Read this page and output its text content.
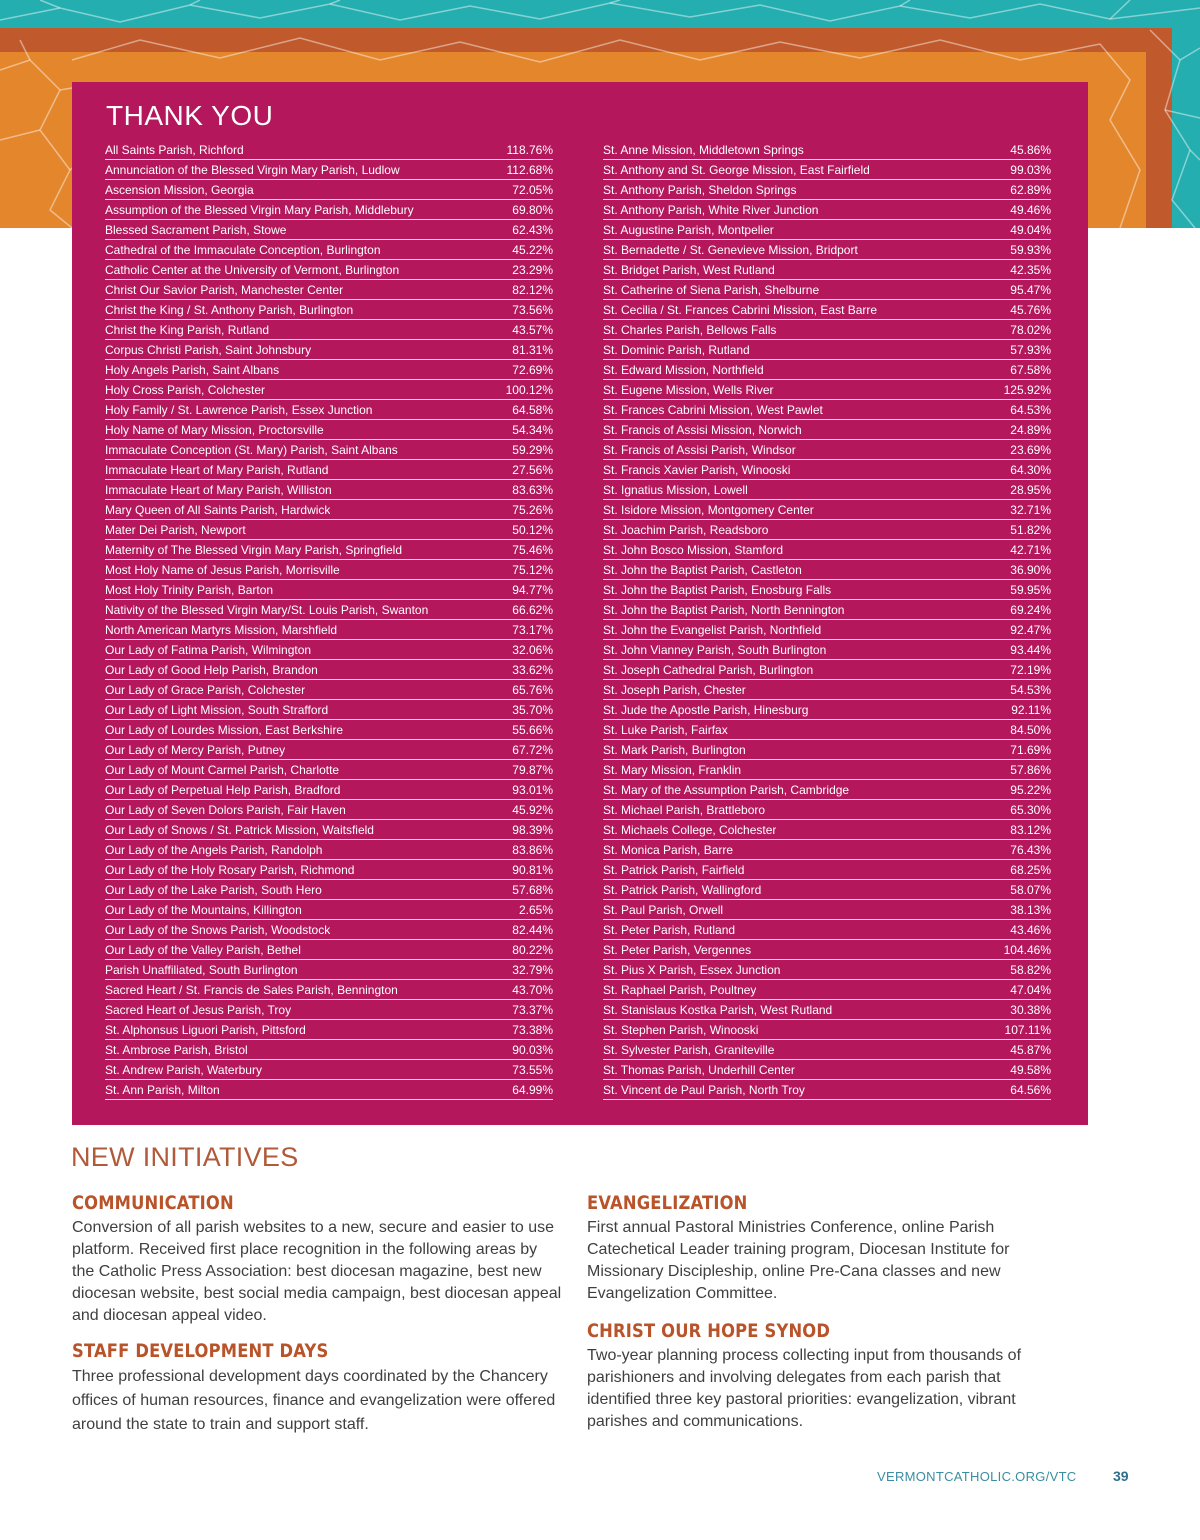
THANK YOU
All Saints Parish, Richford	118.76%
Annunciation of the Blessed Virgin Mary Parish, Ludlow	112.68%
Ascension Mission, Georgia	72.05%
Assumption of the Blessed Virgin Mary Parish, Middlebury	69.80%
Blessed Sacrament Parish, Stowe	62.43%
Cathedral of the Immaculate Conception, Burlington	45.22%
Catholic Center at the University of Vermont, Burlington	23.29%
Christ Our Savior Parish, Manchester Center	82.12%
Christ the King / St. Anthony Parish, Burlington	73.56%
Christ the King Parish, Rutland	43.57%
Corpus Christi Parish, Saint Johnsbury	81.31%
Holy Angels Parish, Saint Albans	72.69%
Holy Cross Parish, Colchester	100.12%
Holy Family / St. Lawrence Parish, Essex Junction	64.58%
Holy Name of Mary Mission, Proctorsville	54.34%
Immaculate Conception (St. Mary) Parish, Saint Albans	59.29%
Immaculate Heart of Mary Parish, Rutland	27.56%
Immaculate Heart of Mary Parish, Williston	83.63%
Mary Queen of All Saints Parish, Hardwick	75.26%
Mater Dei Parish, Newport	50.12%
Maternity of The Blessed Virgin Mary Parish, Springfield	75.46%
Most Holy Name of Jesus Parish, Morrisville	75.12%
Most Holy Trinity Parish, Barton	94.77%
Nativity of the Blessed Virgin Mary/St. Louis Parish, Swanton	66.62%
North American Martyrs Mission, Marshfield	73.17%
Our Lady of Fatima Parish, Wilmington	32.06%
Our Lady of Good Help Parish, Brandon	33.62%
Our Lady of Grace Parish, Colchester	65.76%
Our Lady of Light Mission, South Strafford	35.70%
Our Lady of Lourdes Mission, East Berkshire	55.66%
Our Lady of Mercy Parish, Putney	67.72%
Our Lady of Mount Carmel Parish, Charlotte	79.87%
Our Lady of Perpetual Help Parish, Bradford	93.01%
Our Lady of Seven Dolors Parish, Fair Haven	45.92%
Our Lady of Snows / St. Patrick Mission, Waitsfield	98.39%
Our Lady of the Angels Parish, Randolph	83.86%
Our Lady of the Holy Rosary Parish, Richmond	90.81%
Our Lady of the Lake Parish, South Hero	57.68%
Our Lady of the Mountains, Killington	2.65%
Our Lady of the Snows Parish, Woodstock	82.44%
Our Lady of the Valley Parish, Bethel	80.22%
Parish Unaffiliated, South Burlington	32.79%
Sacred Heart / St. Francis de Sales Parish, Bennington	43.70%
Sacred Heart of Jesus Parish, Troy	73.37%
St. Alphonsus Liguori Parish, Pittsford	73.38%
St. Ambrose Parish, Bristol	90.03%
St. Andrew Parish, Waterbury	73.55%
St. Ann Parish, Milton	64.99%
St. Anne Mission, Middletown Springs	45.86%
St. Anthony and St. George Mission, East Fairfield	99.03%
St. Anthony Parish, Sheldon Springs	62.89%
St. Anthony Parish, White River Junction	49.46%
St. Augustine Parish, Montpelier	49.04%
St. Bernadette / St. Genevieve Mission, Bridport	59.93%
St. Bridget Parish, West Rutland	42.35%
St. Catherine of Siena Parish, Shelburne	95.47%
St. Cecilia / St. Frances Cabrini Mission, East Barre	45.76%
St. Charles Parish, Bellows Falls	78.02%
St. Dominic Parish, Rutland	57.93%
St. Edward Mission, Northfield	67.58%
St. Eugene Mission, Wells River	125.92%
St. Frances Cabrini Mission, West Pawlet	64.53%
St. Francis of Assisi Mission, Norwich	24.89%
St. Francis of Assisi Parish, Windsor	23.69%
St. Francis Xavier Parish, Winooski	64.30%
St. Ignatius Mission, Lowell	28.95%
St. Isidore Mission, Montgomery Center	32.71%
St. Joachim Parish, Readsboro	51.82%
St. John Bosco Mission, Stamford	42.71%
St. John the Baptist Parish, Castleton	36.90%
St. John the Baptist Parish, Enosburg Falls	59.95%
St. John the Baptist Parish, North Bennington	69.24%
St. John the Evangelist Parish, Northfield	92.47%
St. John Vianney Parish, South Burlington	93.44%
St. Joseph Cathedral Parish, Burlington	72.19%
St. Joseph Parish, Chester	54.53%
St. Jude the Apostle Parish, Hinesburg	92.11%
St. Luke Parish, Fairfax	84.50%
St. Mark Parish, Burlington	71.69%
St. Mary Mission, Franklin	57.86%
St. Mary of the Assumption Parish, Cambridge	95.22%
St. Michael Parish, Brattleboro	65.30%
St. Michaels College, Colchester	83.12%
St. Monica Parish, Barre	76.43%
St. Patrick Parish, Fairfield	68.25%
St. Patrick Parish, Wallingford	58.07%
St. Paul Parish, Orwell	38.13%
St. Peter Parish, Rutland	43.46%
St. Peter Parish, Vergennes	104.46%
St. Pius X Parish, Essex Junction	58.82%
St. Raphael Parish, Poultney	47.04%
St. Stanislaus Kostka Parish, West Rutland	30.38%
St. Stephen Parish, Winooski	107.11%
St. Sylvester Parish, Graniteville	45.87%
St. Thomas Parish, Underhill Center	49.58%
St. Vincent de Paul Parish, North Troy	64.56%
NEW INITIATIVES
COMMUNICATION

Conversion of all parish websites to a new, secure and easier to use platform. Received first place recognition in the following areas by the Catholic Press Association: best diocesan magazine, best new diocesan website, best social media campaign, best diocesan appeal and diocesan appeal video.

STAFF DEVELOPMENT DAYS

Three professional development days coordinated by the Chancery offices of human resources, finance and evangelization were offered around the state to train and support staff.

EVANGELIZATION

First annual Pastoral Ministries Conference, online Parish Catechetical Leader training program, Diocesan Institute for Missionary Discipleship, online Pre-Cana classes and new Evangelization Committee.

CHRIST OUR HOPE SYNOD

Two-year planning process collecting input from thousands of parishioners and involving delegates from each parish that identified three key pastoral priorities: evangelization, vibrant parishes and communications.

VERMONTCATHOLIC.ORG/VTC	39
